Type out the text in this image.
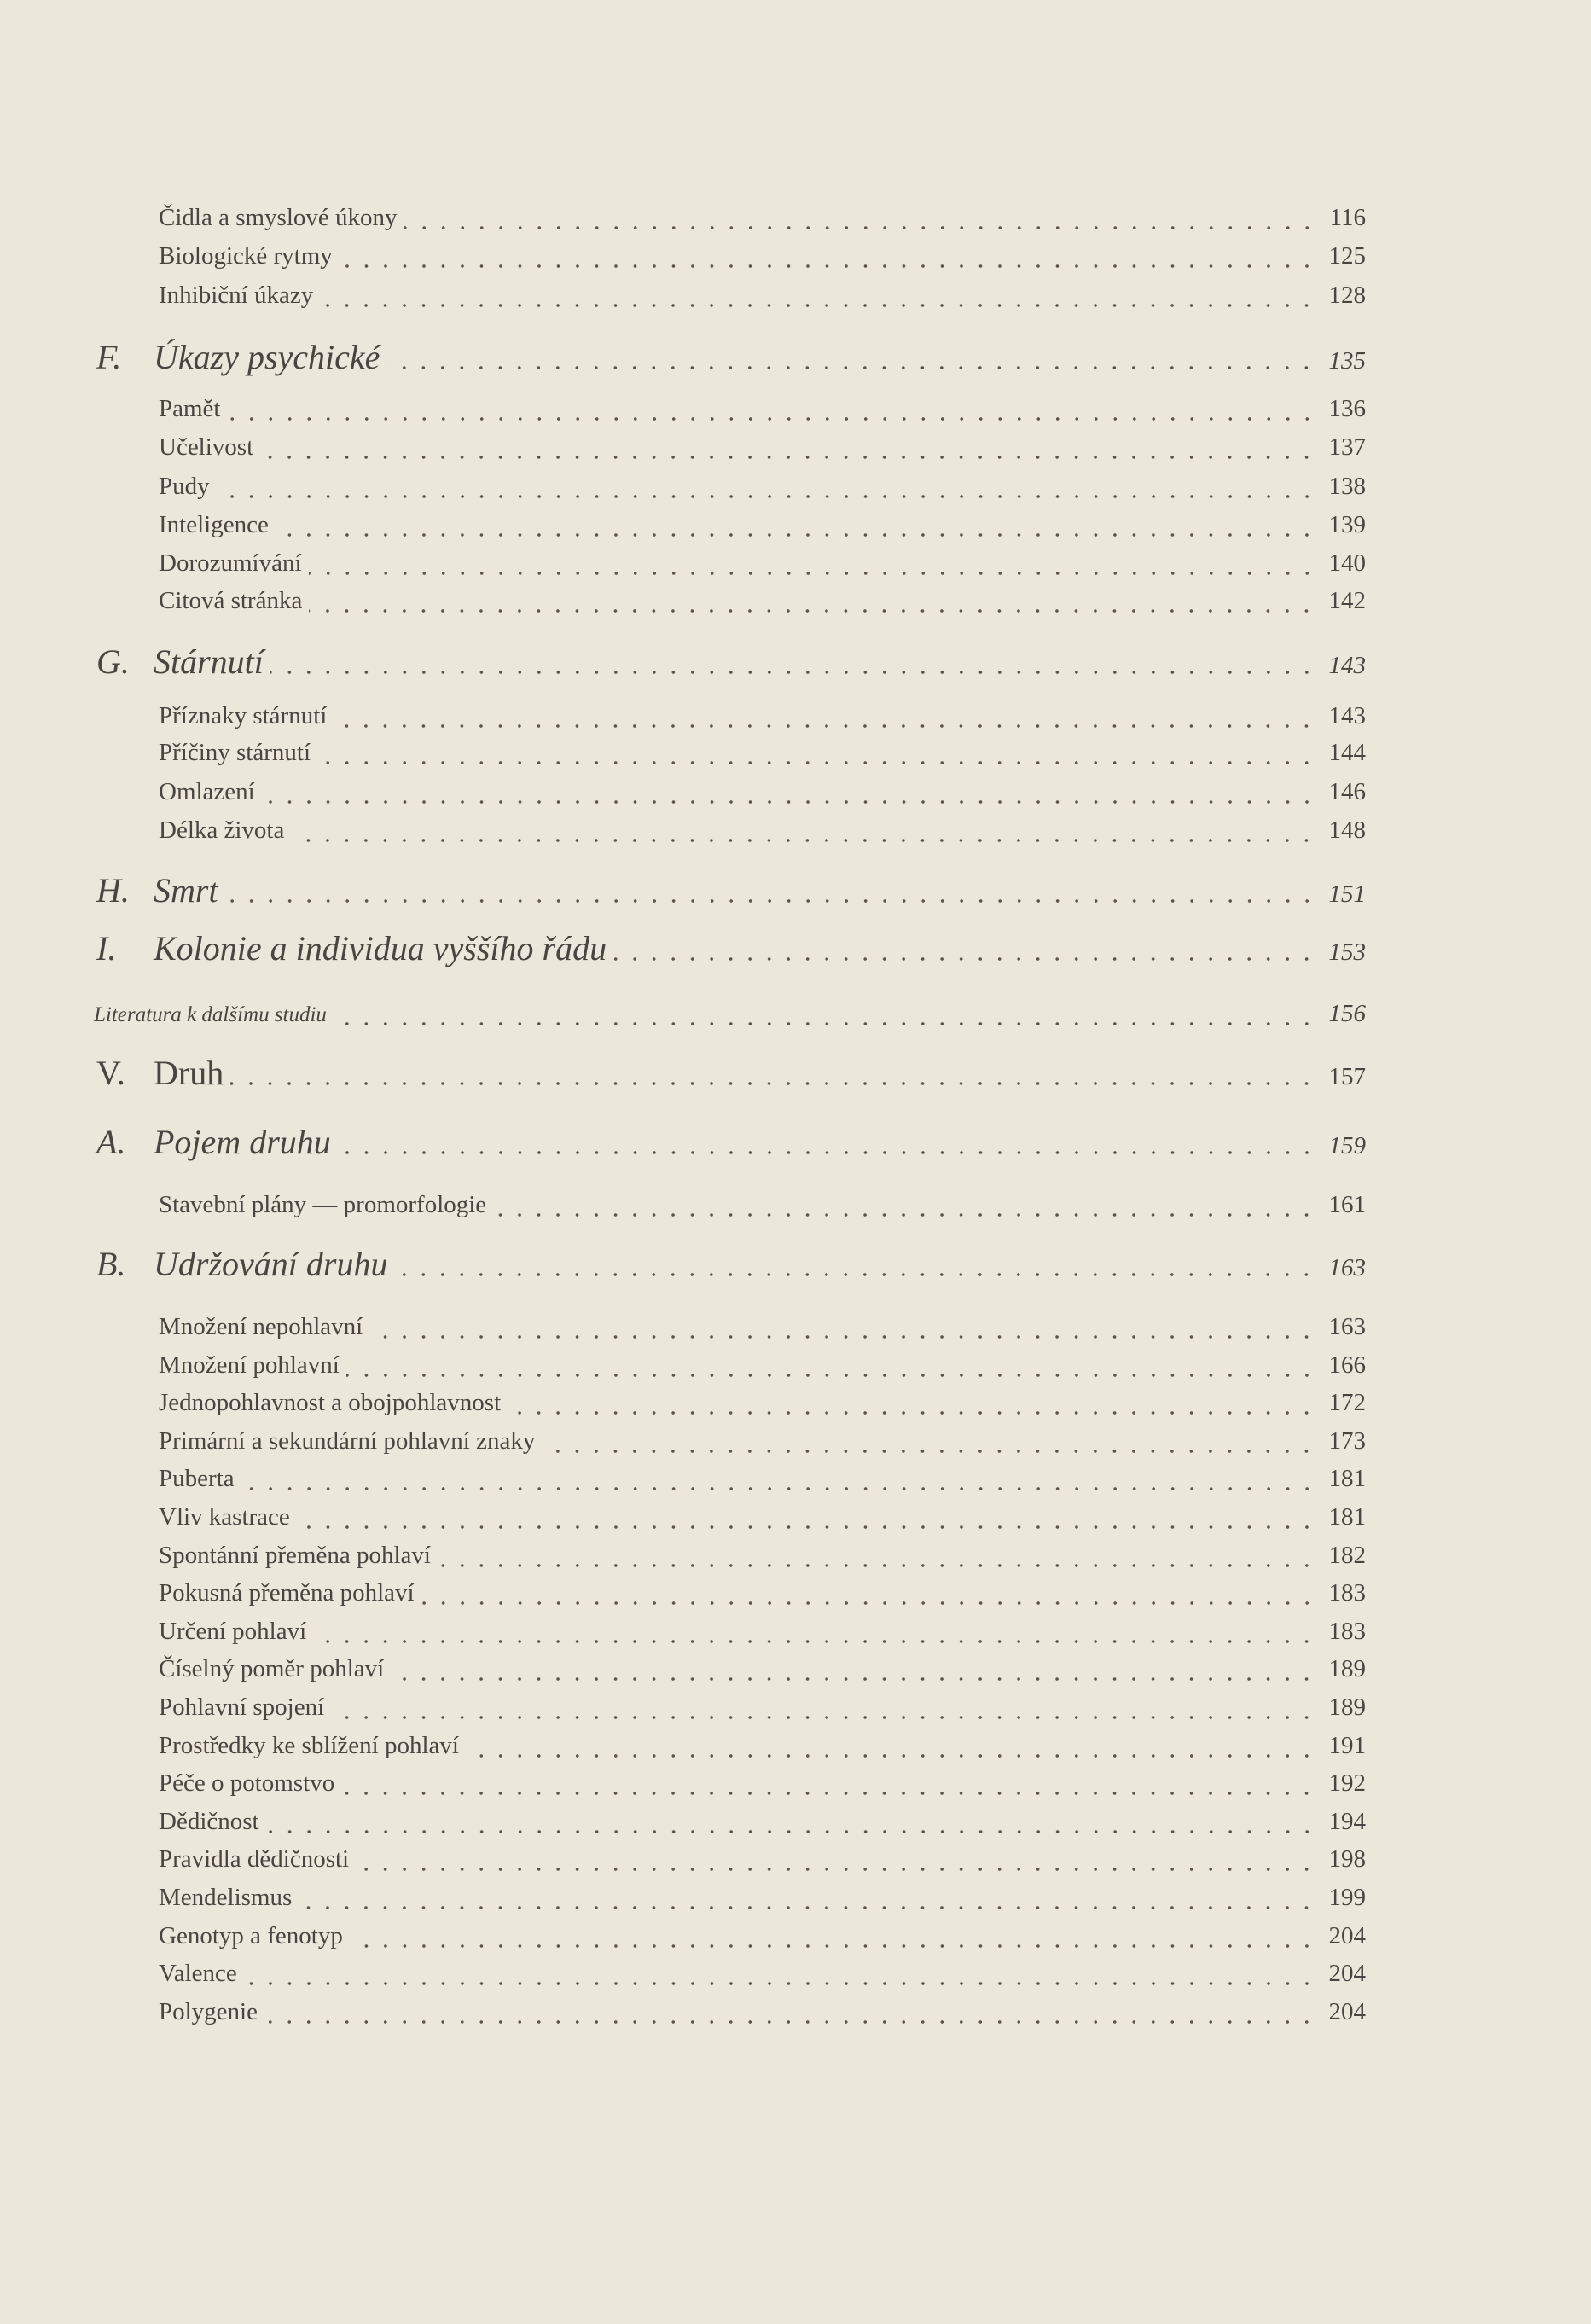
Čidla a smyslové úkony	116
Biologické rytmy	125
Inhibiční úkazy	128
F. Úkazy psychické	135
Pamět	136
Učelivost	137
Pudy	138
Inteligence	139
Dorozumívání	140
Citová stránka	142
G. Stárnutí	143
Příznaky stárnutí	143
Příčiny stárnutí	144
Omlazení	146
Délka života	148
H. Smrt	151
I.	Kolonie a individua vyššího řádu	153
Literatura k dalšímu studiu	156
V. Druh	157
A. Pojem druhu	159
Stavební plány — promorfologie	161
B. Udržování druhu	163
Množení nepohlavní	163
Množení pohlavní	166
Jednopohlavnost a obojpohlavnost	172
Primární a sekundární pohlavní znaky	173
Puberta	181
Vliv kastrace	181
Spontánní přeměna pohlaví	182
Pokusná přeměna pohlaví	183
Určení pohlaví	183
Číselný poměr pohlaví	189
Pohlavní spojení	189
Prostředky ke sblížení pohlaví	191
Péče o potomstvo	192
Dědičnost	194
Pravidla dědičnosti	198
Mendelismus	199
Genotyp a fenotyp	204
Valence	204
Polygenie	204
